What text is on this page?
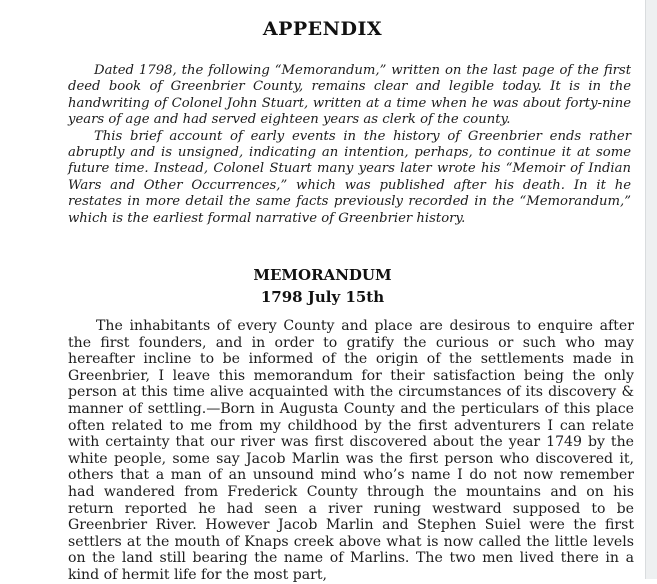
APPENDIX

Dated 1798, the following “Memorandum,” written on the last page of the first deed book of Greenbrier County, remains clear and legible today. It is in the handwriting of Colonel John Stuart, written at a time when he was about forty-nine years of age and had served eighteen years as clerk of the county.

This brief account of early events in the history of Greenbrier ends rather abruptly and is unsigned, indicating an intention, perhaps, to continue it at some future time. Instead, Colonel Stuart many years later wrote his “Memoir of Indian Wars and Other Occurrences,” which was published after his death. In it he restates in more detail the same facts previously recorded in the “Memorandum,” which is the earliest formal narrative of Greenbrier history.

MEMORANDUM
1798 July 15th

The inhabitants of every County and place are desirous to enquire after the first founders, and in order to gratify the curious or such who may hereafter incline to be informed of the origin of the settlements made in Greenbrier, I leave this memorandum for their satisfaction being the only person at this time alive acquainted with the circumstances of its discovery & manner of settling.—Born in Augusta County and the perticulars of this place often related to me from my childhood by the first adventurers I can relate with certainty that our river was first discovered about the year 1749 by the white people, some say Jacob Marlin was the first person who discovered it, others that a man of an unsound mind who’s name I do not now remember had wandered from Frederick County through the mountains and on his return reported he had seen a river runing westward supposed to be Greenbrier River. However Jacob Marlin and Stephen Suiel were the first settlers at the mouth of Knaps creek above what is now called the little levels on the land still bearing the name of Marlins. The two men lived there in a kind of hermit life for the most part,
